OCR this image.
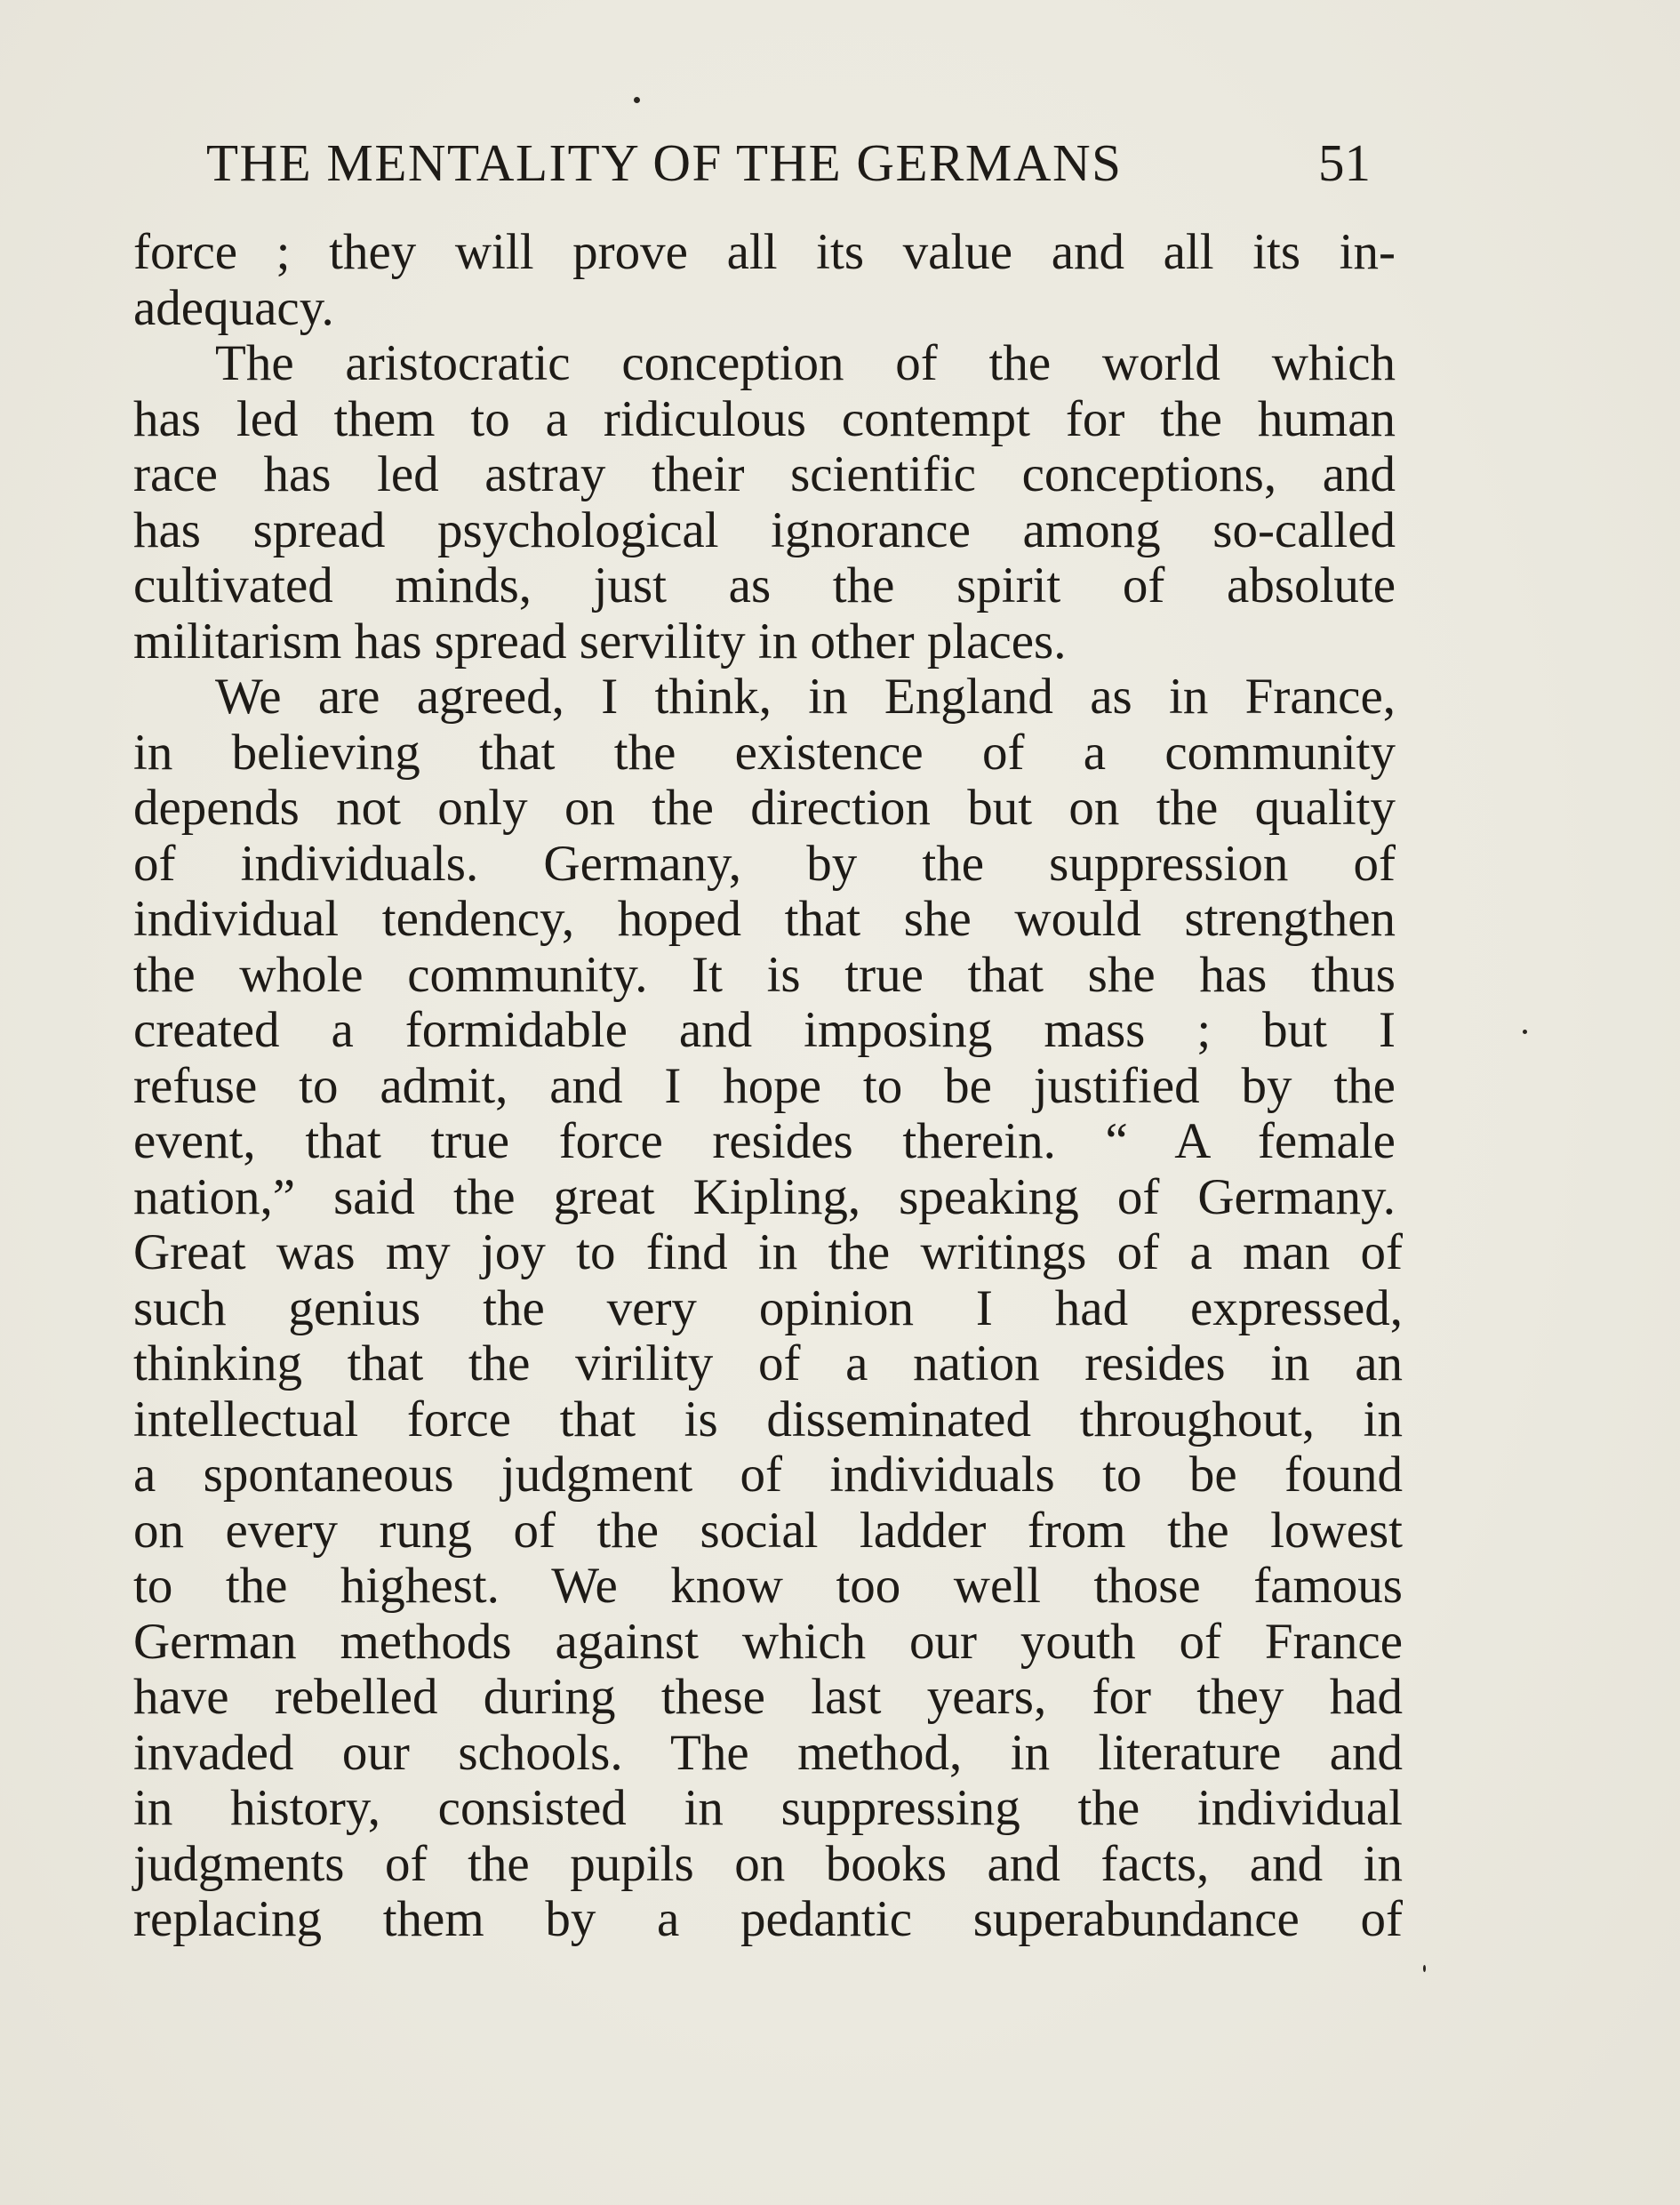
THE MENTALITY OF THE GERMANS	51
force ; they will prove all its value and all its in-
adequacy.
The aristocratic conception of the world which
has led them to a ridiculous contempt for the human
race has led astray their scientific conceptions, and
has spread psychological ignorance among so-called
cultivated minds, just as the spirit of absolute
militarism has spread servility in other places.
We are agreed, I think, in England as in France,
in believing that the existence of a community
depends not only on the direction but on the quality
of individuals. Germany, by the suppression of
individual tendency, hoped that she would strengthen
the whole community. It is true that she has thus
created a formidable and imposing mass ; but I
refuse to admit, and I hope to be justified by the
event, that true force resides therein. “ A female
nation,” said the great Kipling, speaking of Germany.
Great was my joy to find in the writings of a man of
such genius the very opinion I had expressed,
thinking that the virility of a nation resides in an
intellectual force that is disseminated throughout, in
a spontaneous judgment of individuals to be found
on every rung of the social ladder from the lowest
to the highest. We know too well those famous
German methods against which our youth of France
have rebelled during these last years, for they had
invaded our schools. The method, in literature and
in history, consisted in suppressing the individual
judgments of the pupils on books and facts, and in
replacing them by a pedantic superabundance of
